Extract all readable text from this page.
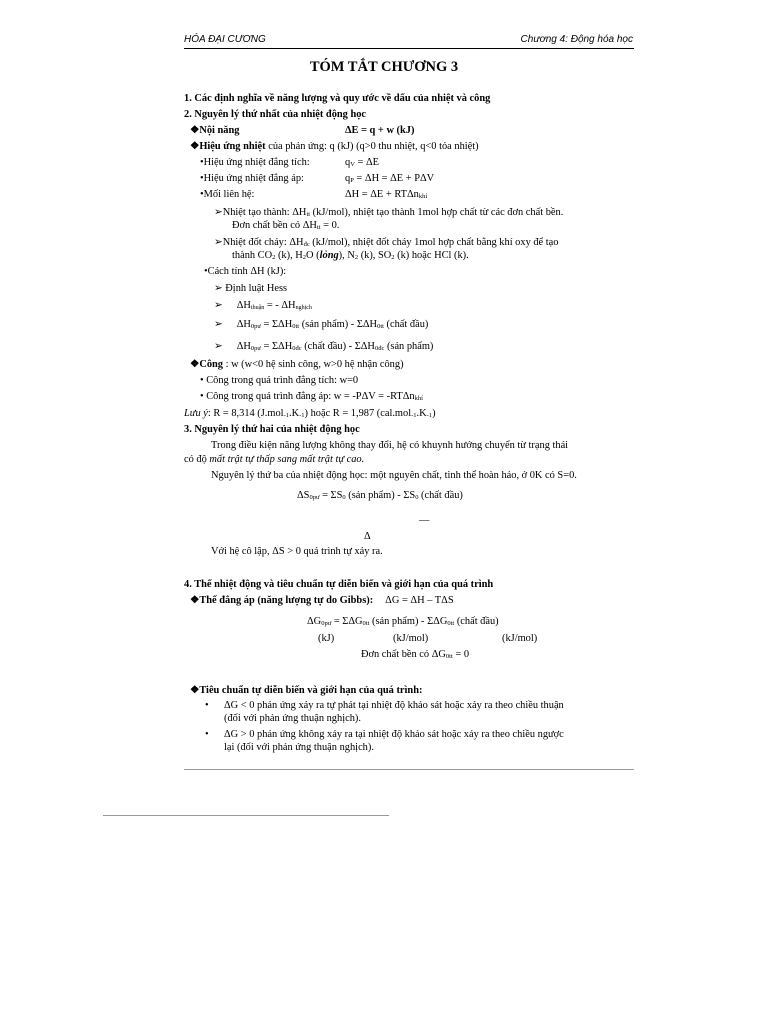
HÓA ĐẠI CƯƠNG	Chương 4: Động hóa học
TÓM TẮT CHƯƠNG 3
1. Các định nghĩa về năng lượng và quy ước về dấu của nhiệt và công
2. Nguyên lý thứ nhất của nhiệt động học
❖Nội năng	ΔE = q + w (kJ)
❖Hiệu ứng nhiệt của phản ứng: q (kJ) (q>0 thu nhiệt, q<0 tỏa nhiệt)
•Hiệu ứng nhiệt đẳng tích:	$q_V = \Delta E$
•Hiệu ứng nhiệt đẳng áp:	$q_P = \Delta H = \Delta E + P\Delta V$
•Mối liên hệ:	ΔH = ΔE + RTΔn$_{khí}$
➢Nhiệt tạo thành: $\Delta H_{tt}$ (kJ/mol), nhiệt tạo thành 1mol hợp chất từ các đơn chất bền.
Đơn chất bền có $\Delta H_{tt} = 0$.
➢Nhiệt đốt cháy: $\Delta H_{đc}$ (kJ/mol), nhiệt đốt cháy 1mol hợp chất bằng khí oxy để tạo
thành $CO_2$ (k), $H_2O$ (lỏng), $N_2$ (k), $SO_2$ (k) hoặc HCl (k).
•Cách tính ΔH (kJ):
➢ Định luật Hess
➢ $\Delta H_{thuận}$ = - $\Delta H_{nghịch}$
➢ $\Delta H_{0pư} = \Sigma\Delta H_{0tt}$ (sản phẩm) - $\Sigma\Delta H_{0tt}$ (chất đầu)
➢ $\Delta H_{0pư} = \Sigma\Delta H_{0đc}$ (chất đầu) - $\Sigma\Delta H_{0đc}$ (sản phẩm)
❖Công : w (w<0 hệ sinh công, w>0 hệ nhận công)
• Công trong quá trình đẳng tích: w=0
• Công trong quá trình đẳng áp: w = -PΔV = -RTΔn$_{khí}$
Lưu ý: R = 8,314 $(J.mol_{-1}.K_{-1})$ hoặc R = 1,987 $(cal.mol_{-1}.K_{-1})$
3. Nguyên lý thứ hai của nhiệt động học
Trong điều kiện năng lượng không thay đổi, hệ có khuynh hướng chuyển từ trạng thái
có độ mất trật tự thấp sang mất trật tự cao.
Nguyên lý thứ ba của nhiệt động học: một nguyên chất, tinh thể hoàn hảo, ở 0K có S=0.
$\Delta S_{0pư} = \Sigma S_0$ (sản phẩm) - $\Sigma S_0$ (chất đầu)
—
Δ
Với hệ cô lập, ΔS > 0 quá trình tự xảy ra.
4. Thế nhiệt động và tiêu chuẩn tự diễn biến và giới hạn của quá trình
❖Thế đẳng áp (năng lượng tự do Gibbs): ΔG = ΔH – TΔS
$\Delta G_{0pư} = \Sigma\Delta G_{0tt}$ (sản phẩm) - $\Sigma\Delta G_{0tt}$ (chất đầu)
(kJ)	(kJ/mol)	(kJ/mol)
Đơn chất bền có $\Delta G_{0tt} = 0$
❖Tiêu chuẩn tự diễn biến và giới hạn của quá trình:
• ΔG < 0 phản ứng xảy ra tự phát tại nhiệt độ khảo sát hoặc xảy ra theo chiều thuận
(đối với phản ứng thuận nghịch).
• ΔG > 0 phản ứng không xảy ra tại nhiệt độ khảo sát hoặc xảy ra theo chiều ngược
lại (đối với phản ứng thuận nghịch).
